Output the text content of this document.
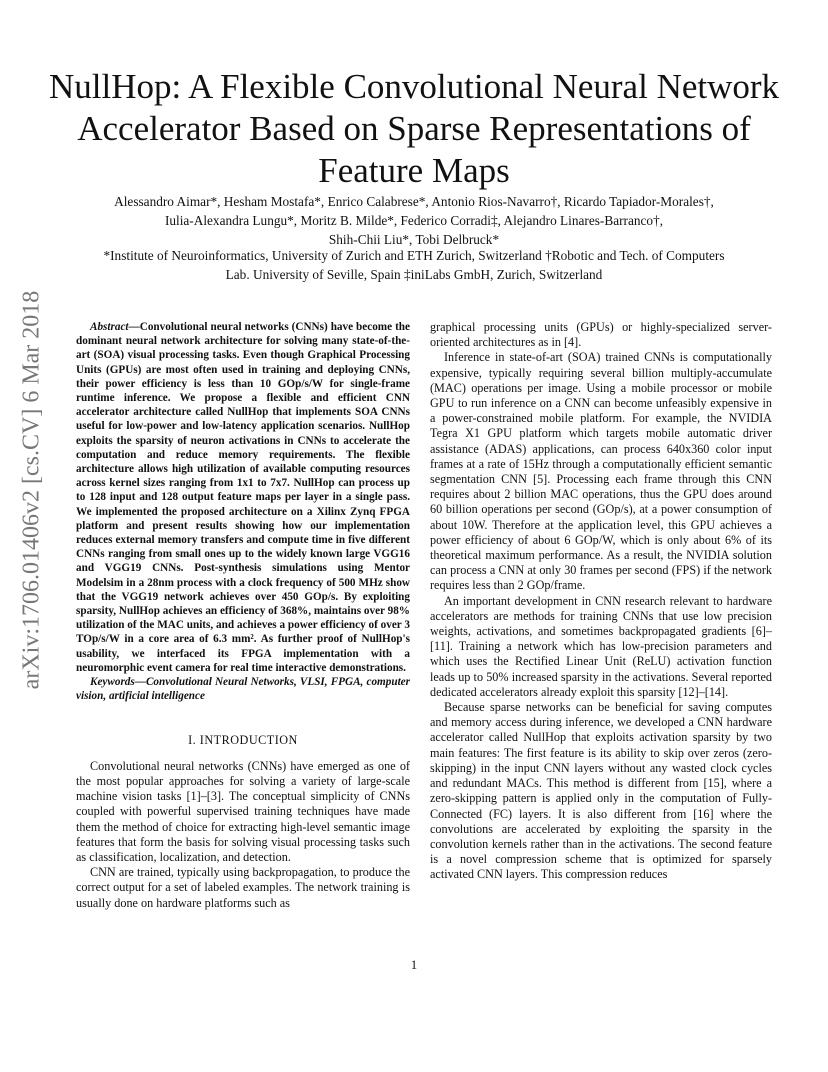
arXiv:1706.01406v2 [cs.CV] 6 Mar 2018
NullHop: A Flexible Convolutional Neural Network Accelerator Based on Sparse Representations of Feature Maps

Alessandro Aimar*, Hesham Mostafa*, Enrico Calabrese*, Antonio Rios-Navarro†, Ricardo Tapiador-Morales†,

Iulia-Alexandra Lungu*, Moritz B. Milde*, Federico Corradi‡, Alejandro Linares-Barranco†,

Shih-Chii Liu*, Tobi Delbruck*

*Institute of Neuroinformatics, University of Zurich and ETH Zurich, Switzerland †Robotic and Tech. of Computers

Lab. University of Seville, Spain ‡iniLabs GmbH, Zurich, Switzerland

Abstract—Convolutional neural networks (CNNs) have become the dominant neural network architecture for solving many state-of-the-art (SOA) visual processing tasks. Even though Graphical Processing Units (GPUs) are most often used in training and deploying CNNs, their power efficiency is less than 10 GOp/s/W for single-frame runtime inference. We propose a flexible and efficient CNN accelerator architecture called NullHop that implements SOA CNNs useful for low-power and low-latency application scenarios. NullHop exploits the sparsity of neuron activations in CNNs to accelerate the computation and reduce memory requirements. The flexible architecture allows high utilization of available computing resources across kernel sizes ranging from 1x1 to 7x7. NullHop can process up to 128 input and 128 output feature maps per layer in a single pass. We implemented the proposed architecture on a Xilinx Zynq FPGA platform and present results showing how our implementation reduces external memory transfers and compute time in five different CNNs ranging from small ones up to the widely known large VGG16 and VGG19 CNNs. Post-synthesis simulations using Mentor Modelsim in a 28nm process with a clock frequency of 500 MHz show that the VGG19 network achieves over 450 GOp/s. By exploiting sparsity, NullHop achieves an efficiency of 368%, maintains over 98% utilization of the MAC units, and achieves a power efficiency of over 3 TOp/s/W in a core area of 6.3 mm². As further proof of NullHop's usability, we interfaced its FPGA implementation with a neuromorphic event camera for real time interactive demonstrations.

Keywords—Convolutional Neural Networks, VLSI, FPGA, computer vision, artificial intelligence

I. INTRODUCTION

Convolutional neural networks (CNNs) have emerged as one of the most popular approaches for solving a variety of large-scale machine vision tasks [1]–[3]. The conceptual simplicity of CNNs coupled with powerful supervised training techniques have made them the method of choice for extracting high-level semantic image features that form the basis for solving visual processing tasks such as classification, localization, and detection.

CNN are trained, typically using backpropagation, to produce the correct output for a set of labeled examples. The network training is usually done on hardware platforms such as

graphical processing units (GPUs) or highly-specialized server-oriented architectures as in [4].

Inference in state-of-art (SOA) trained CNNs is computationally expensive, typically requiring several billion multiply-accumulate (MAC) operations per image. Using a mobile processor or mobile GPU to run inference on a CNN can become unfeasibly expensive in a power-constrained mobile platform. For example, the NVIDIA Tegra X1 GPU platform which targets mobile automatic driver assistance (ADAS) applications, can process 640x360 color input frames at a rate of 15Hz through a computationally efficient semantic segmentation CNN [5]. Processing each frame through this CNN requires about 2 billion MAC operations, thus the GPU does around 60 billion operations per second (GOp/s), at a power consumption of about 10W. Therefore at the application level, this GPU achieves a power efficiency of about 6 GOp/W, which is only about 6% of its theoretical maximum performance. As a result, the NVIDIA solution can process a CNN at only 30 frames per second (FPS) if the network requires less than 2 GOp/frame.

An important development in CNN research relevant to hardware accelerators are methods for training CNNs that use low precision weights, activations, and sometimes backpropagated gradients [6]–[11]. Training a network which has low-precision parameters and which uses the Rectified Linear Unit (ReLU) activation function leads up to 50% increased sparsity in the activations. Several reported dedicated accelerators already exploit this sparsity [12]–[14].

Because sparse networks can be beneficial for saving computes and memory access during inference, we developed a CNN hardware accelerator called NullHop that exploits activation sparsity by two main features: The first feature is its ability to skip over zeros (zero-skipping) in the input CNN layers without any wasted clock cycles and redundant MACs. This method is different from [15], where a zero-skipping pattern is applied only in the computation of Fully-Connected (FC) layers. It is also different from [16] where the convolutions are accelerated by exploiting the sparsity in the convolution kernels rather than in the activations. The second feature is a novel compression scheme that is optimized for sparsely activated CNN layers. This compression reduces

1
